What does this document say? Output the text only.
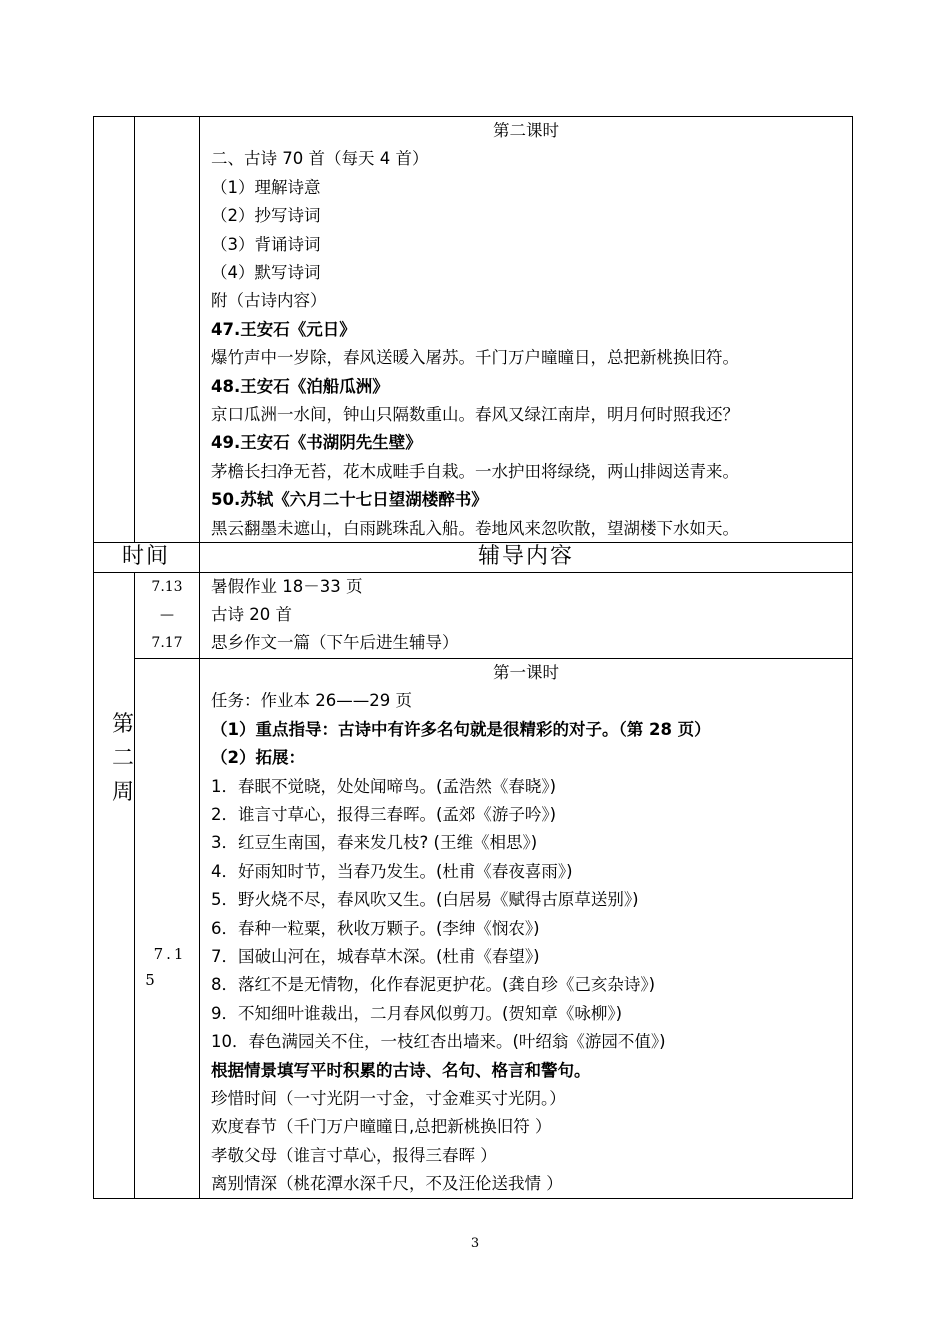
第二课时
二、古诗 70 首（每天 4 首）
（1）理解诗意
（2）抄写诗词
（3）背诵诗词
（4）默写诗词
附（古诗内容）
47.王安石《元日》
爆竹声中一岁除，春风送暖入屠苏。千门万户曈曈日，总把新桃换旧符。
48.王安石《泊船瓜洲》
京口瓜洲一水间，钟山只隔数重山。春风又绿江南岸，明月何时照我还？
49.王安石《书湖阴先生壁》
茅檐长扫净无苔，花木成畦手自栽。一水护田将绿绕，两山排闼送青来。
50.苏轼《六月二十七日望湖楼醉书》
黑云翻墨未遮山，白雨跳珠乱入船。卷地风来忽吹散，望湖楼下水如天。
时间	辅导内容
第
二
周
7.13
—
7.17
暑假作业 18－33 页
古诗 20 首
思乡作文一篇（下午后进生辅导）
7.1
5
第一课时
任务：作业本 26——29 页
（1）重点指导：古诗中有许多名句就是很精彩的对子。（第 28 页）
（2）拓展：
1．春眠不觉晓，处处闻啼鸟。(孟浩然《春晓》)
2．谁言寸草心，报得三春晖。(孟郊《游子吟》)
3．红豆生南国，春来发几枝? (王维《相思》)
4．好雨知时节，当春乃发生。(杜甫《春夜喜雨》)
5．野火烧不尽，春风吹又生。(白居易《赋得古原草送别》)
6．春种一粒粟，秋收万颗子。(李绅《悯农》)
7．国破山河在，城春草木深。(杜甫《春望》)
8．落红不是无情物，化作春泥更护花。(龚自珍《己亥杂诗》)
9．不知细叶谁裁出，二月春风似剪刀。(贺知章《咏柳》)
10．春色满园关不住，一枝红杏出墙来。(叶绍翁《游园不值》)
根据情景填写平时积累的古诗、名句、格言和警句。
珍惜时间（一寸光阴一寸金，寸金难买寸光阴。）
欢度春节（千门万户曈曈日,总把新桃换旧符 ）
孝敬父母（谁言寸草心，报得三春晖 ）
离别情深（桃花潭水深千尺，不及汪伦送我情 ）
3
